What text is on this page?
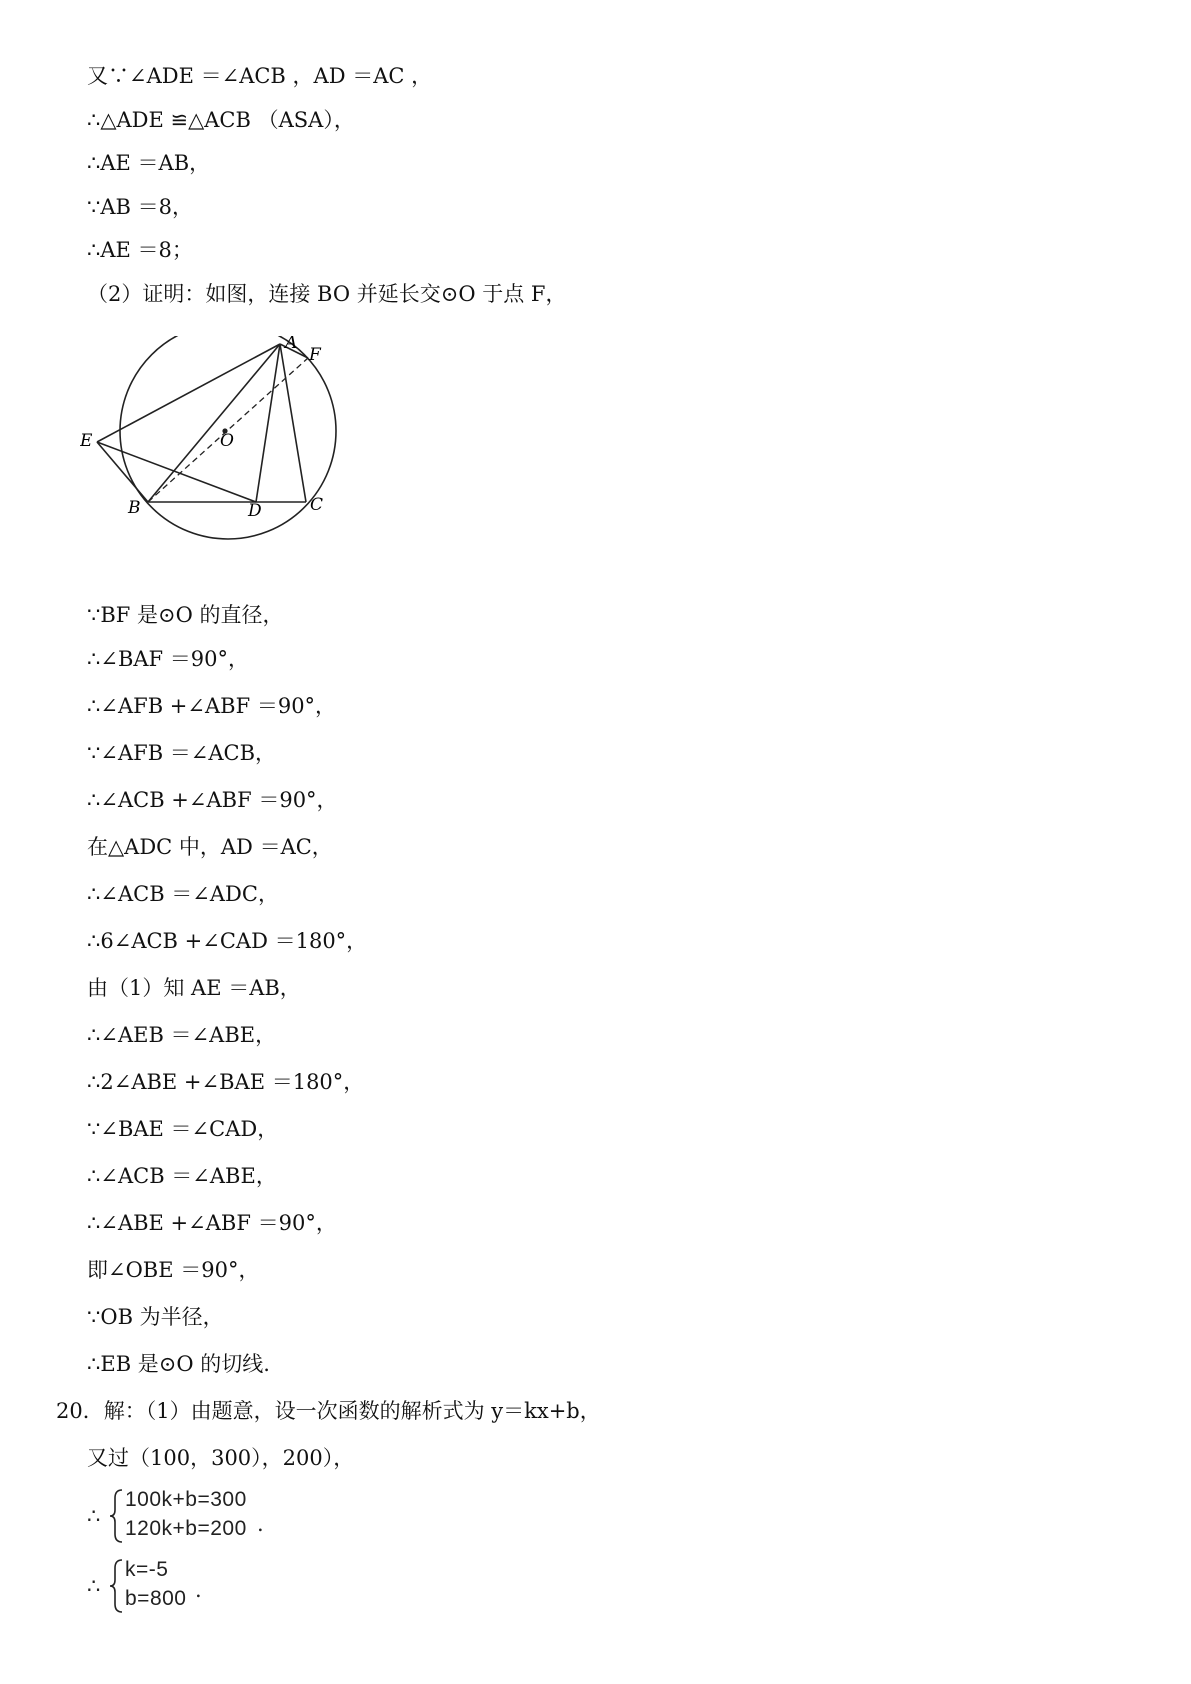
又∵∠ADE ＝∠ACB ，AD ＝AC ，
∴△ADE ≌△ACB （ASA），
∴AE ＝AB，
∵AB ＝8，
∴AE ＝8；
（2）证明：如图，连接 BO 并延长交⊙O 于点 F，
A
F
O
E
B	D	C
∵BF 是⊙O 的直径，
∴∠BAF ＝90°，
∴∠AFB +∠ABF ＝90°，
∵∠AFB ＝∠ACB，
∴∠ACB +∠ABF ＝90°，
在△ADC 中，AD ＝AC，
∴∠ACB ＝∠ADC，
∴6∠ACB +∠CAD ＝180°，
由（1）知 AE ＝AB，
∴∠AEB ＝∠ABE，
∴2∠ABE +∠BAE ＝180°，
∵∠BAE ＝∠CAD，
∴∠ACB ＝∠ABE，
∴∠ABE +∠ABF ＝90°，
即∠OBE ＝90°，
∵OB 为半径，
∴EB 是⊙O 的切线.
20．解：（1）由题意，设一次函数的解析式为 y＝kx+b，
又过（100，300），200），
∴
100k+b=300
120k+b=200 .
∴
k=-5
b=800 .
